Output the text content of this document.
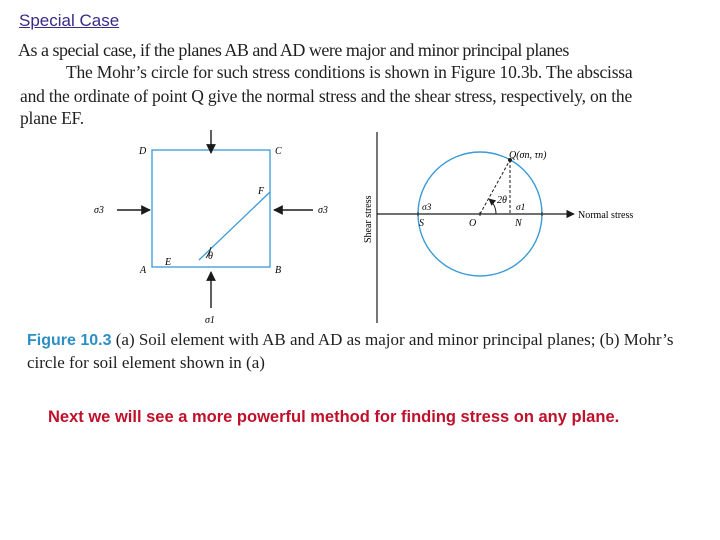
Special Case
As a special case, if the planes AB and AD were major and minor principal planes
The Mohr’s circle for such stress conditions is shown in Figure 10.3b. The abscissa
and the ordinate of point Q give the normal stress and the shear stress, respectively, on the
plane EF.
D	C
F
E
A	B
σ3	σ3
σ1
θ
Shear stress	Normal stress
Q(σn, τn)
2θ
σ3	σ1
S	O	N
Figure 10.3 (a) Soil element with AB and AD as major and minor principal planes; (b) Mohr’s
circle for soil element shown in (a)
Next we will see a more powerful method for finding stress on any plane.
